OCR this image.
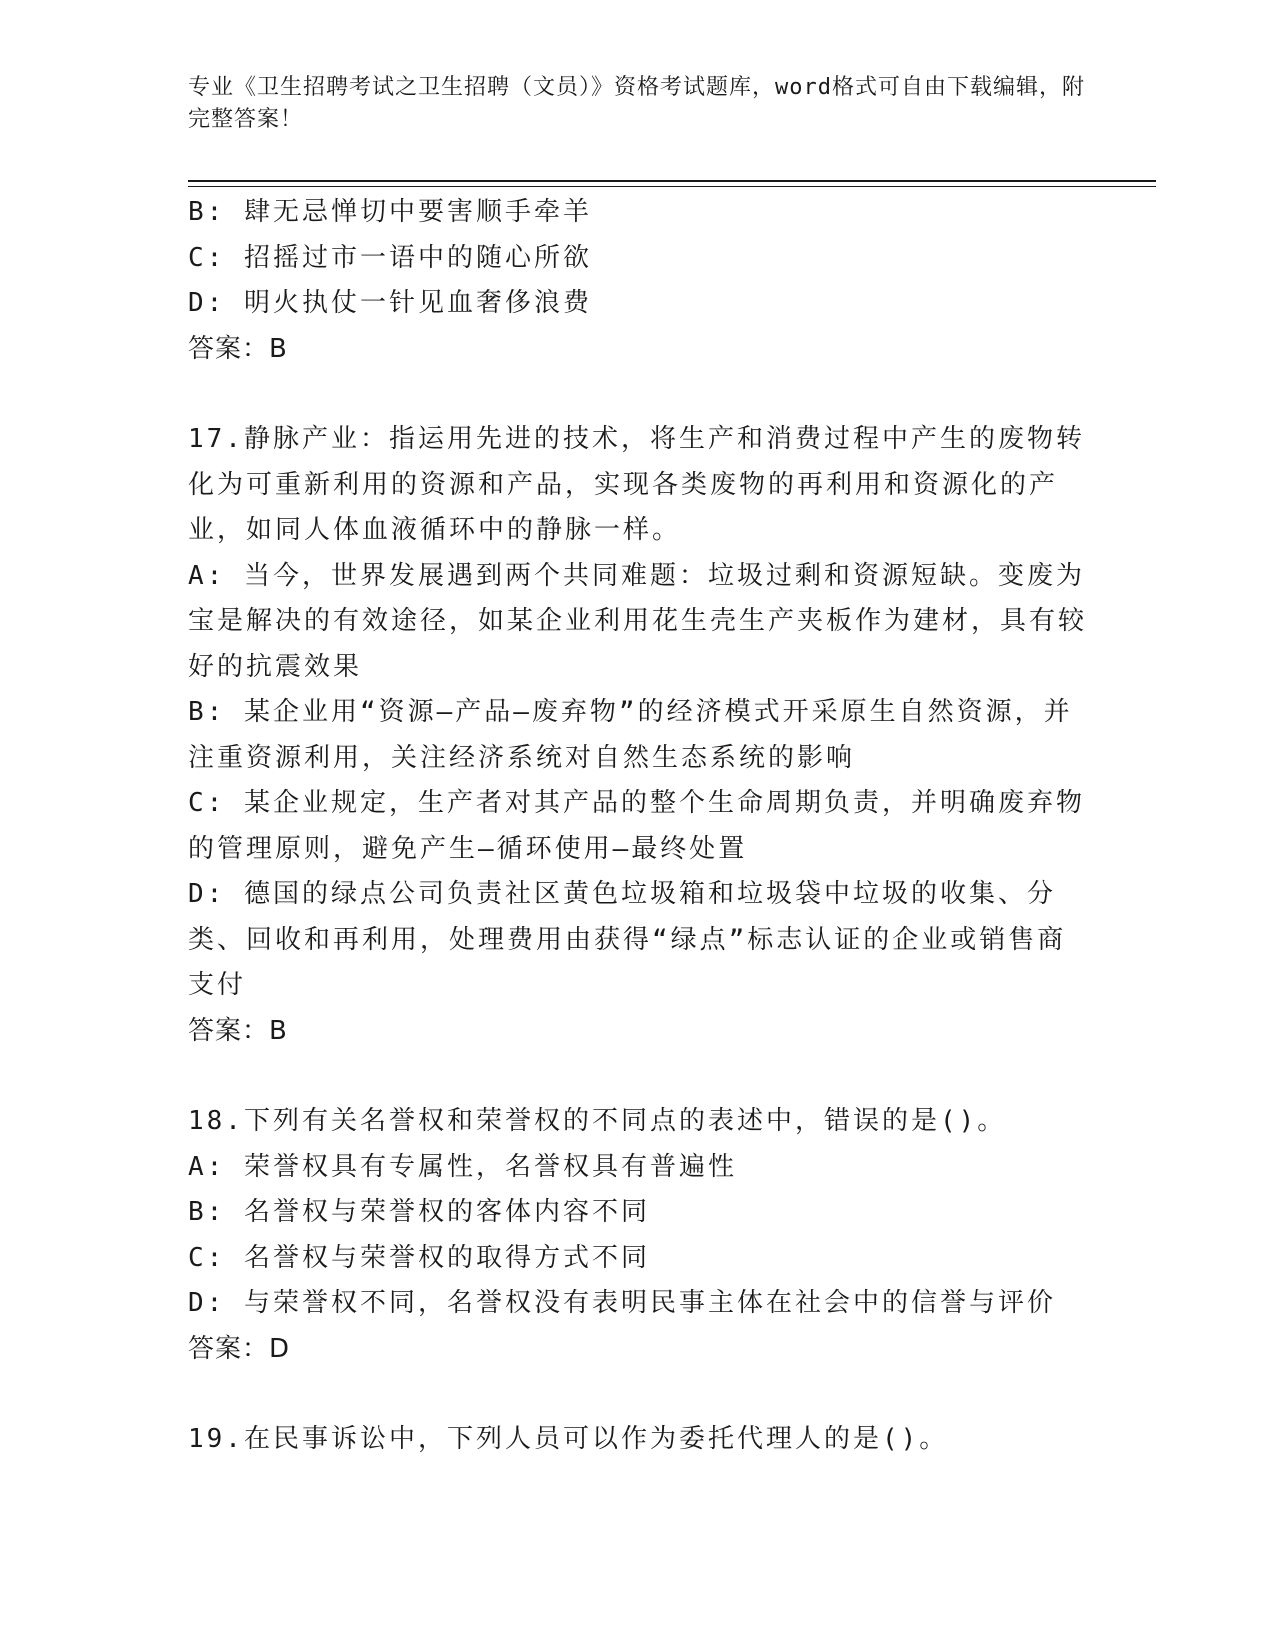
专业《卫生招聘考试之卫生招聘（文员）》资格考试题库，word格式可自由下载编辑，附完整答案！

B: 肆无忌惮切中要害顺手牵羊

C: 招摇过市一语中的随心所欲

D: 明火执仗一针见血奢侈浪费

答案：B

17.静脉产业：指运用先进的技术，将生产和消费过程中产生的废物转化为可重新利用的资源和产品，实现各类废物的再利用和资源化的产业，如同人体血液循环中的静脉一样。

A: 当今，世界发展遇到两个共同难题：垃圾过剩和资源短缺。变废为宝是解决的有效途径，如某企业利用花生壳生产夹板作为建材，具有较好的抗震效果

B: 某企业用“资源—产品—废弃物”的经济模式开采原生自然资源，并注重资源利用，关注经济系统对自然生态系统的影响

C: 某企业规定，生产者对其产品的整个生命周期负责，并明确废弃物的管理原则，避免产生—循环使用—最终处置

D: 德国的绿点公司负责社区黄色垃圾箱和垃圾袋中垃圾的收集、分类、回收和再利用，处理费用由获得“绿点”标志认证的企业或销售商支付

答案：B

18.下列有关名誉权和荣誉权的不同点的表述中，错误的是()。

A: 荣誉权具有专属性，名誉权具有普遍性

B: 名誉权与荣誉权的客体内容不同

C: 名誉权与荣誉权的取得方式不同

D: 与荣誉权不同，名誉权没有表明民事主体在社会中的信誉与评价

答案：D

19.在民事诉讼中，下列人员可以作为委托代理人的是()。
